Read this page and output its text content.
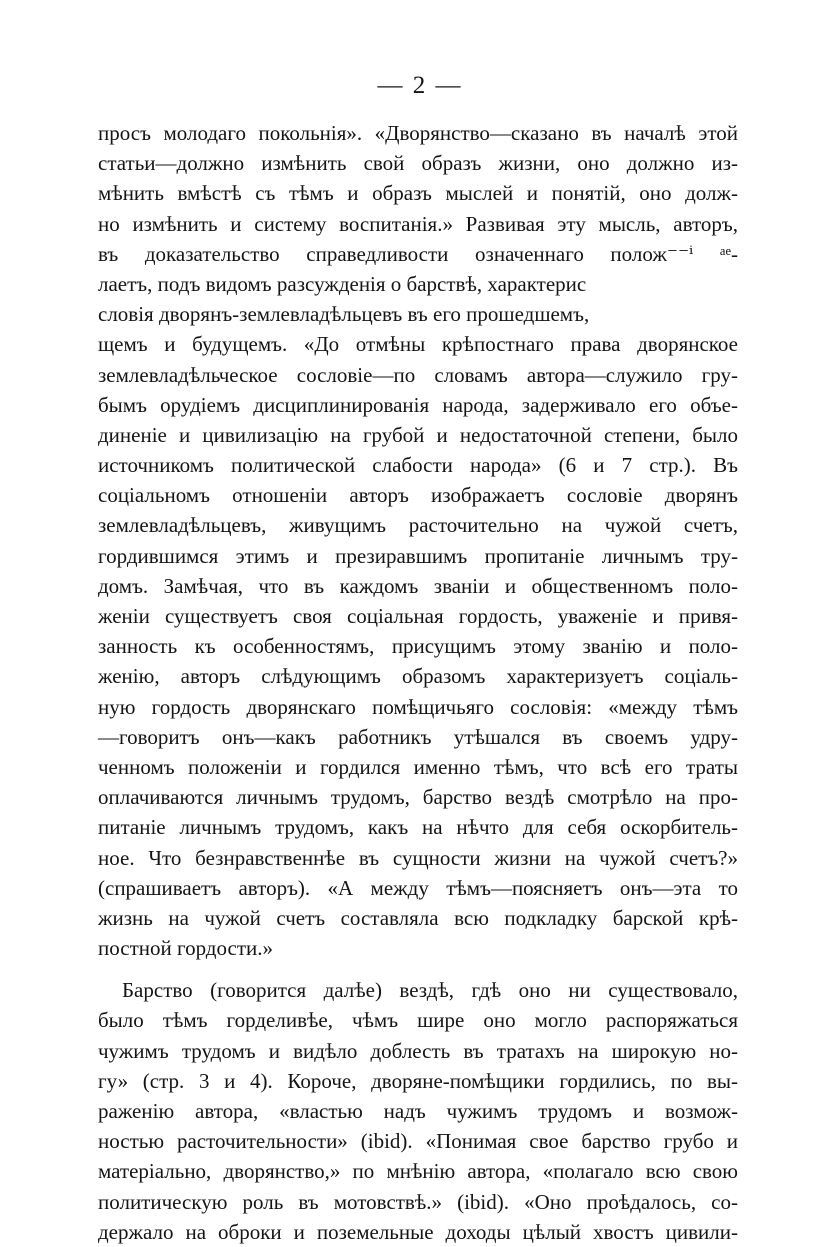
— 2 —
просъ молодаго покольнія». «Дворянство—сказано въ началѣ этой
статьи—должно измѣнить свой образъ жизни, оно должно из-
мѣнить вмѣстѣ съ тѣмъ и образъ мыслей и понятій, оно долж-
но измѣнить и систему воспитанія.» Развивая эту мысль, авторъ,
въ доказательство справедливости означеннаго полож⁻⁻ⁱ ᵃᵉ-
лаетъ, подъ видомъ разсужденія о барствѣ, характерис
словія дворянъ-землевладѣльцевъ въ его прошедшемъ,
щемъ и будущемъ. «До отмѣны крѣпостнаго права дворянское
землевладѣльческое сословіе—по словамъ автора—служило гру-
бымъ орудіемъ дисциплинированія народа, задерживало его объе-
диненіе и цивилизацію на грубой и недостаточной степени, было
источникомъ политической слабости народа» (6 и 7 стр.). Въ
соціальномъ отношеніи авторъ изображаетъ сословіе дворянъ
землевладѣльцевъ, живущимъ расточительно на чужой счетъ,
гордившимся этимъ и презиравшимъ пропитаніе личнымъ тру-
домъ. Замѣчая, что въ каждомъ званіи и общественномъ поло-
женіи существуетъ своя соціальная гордость, уваженіе и привя-
занность къ особенностямъ, присущимъ этому званію и поло-
женію, авторъ слѣдующимъ образомъ характеризуетъ соціаль-
ную гордость дворянскаго помѣщичьяго сословія: «между тѣмъ
—говоритъ онъ—какъ работникъ утѣшался въ своемъ удру-
ченномъ положеніи и гордился именно тѣмъ, что всѣ его траты
оплачиваются личнымъ трудомъ, барство вездѣ смотрѣло на про-
питаніе личнымъ трудомъ, какъ на нѣчто для себя оскорбитель-
ное. Что безнравственнѣе въ сущности жизни на чужой счетъ?»
(спрашиваетъ авторъ). «А между тѣмъ—поясняетъ онъ—эта то
жизнь на чужой счетъ составляла всю подкладку барской крѣ-
постной гордости.»
Барство (говорится далѣе) вездѣ, гдѣ оно ни существовало,
было тѣмъ горделивѣе, чѣмъ шире оно могло распоряжаться
чужимъ трудомъ и видѣло доблесть въ тратахъ на широкую но-
гу» (стр. 3 и 4). Короче, дворяне-помѣщики гордились, по вы-
раженію автора, «властью надъ чужимъ трудомъ и возмож-
ностью расточительности» (ibid). «Понимая свое барство грубо и
матеріально, дворянство,» по мнѣнію автора, «полагало всю свою
политическую роль въ мотовствѣ.» (ibid). «Оно проѣдалось, со-
держало на оброки и поземельные доходы цѣлый хвостъ цивили-
